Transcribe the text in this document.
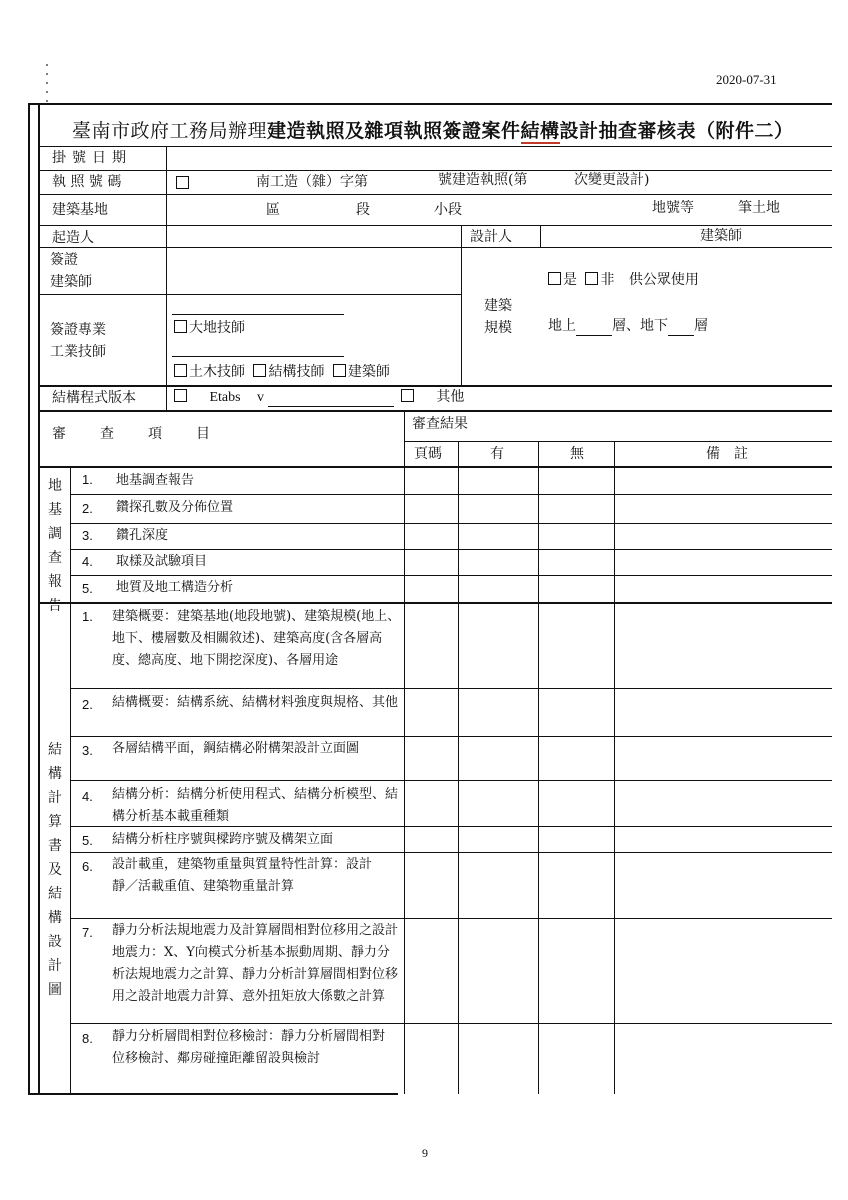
2020-07-31
臺南市政府工務局辦理建造執照及雜項執照簽證案件結構設計抽查審核表（附件二）
掛號日期
執 照 號 碼	南工造（雜）字第	號建造執照(第	次變更設計)
建築基地	區	段	小段	地號等	筆土地
起造人	設計人	建築師
簽證
建築師
簽證專業
工業技師
大地技師
土木技師 結構技師 建築師
建築
規模
是 非 供公眾使用
地上	層、地下 層
結構程式版本	Etabs v	其他
審　　查　　項　　目
審查結果
頁碼	有	無	備　註
地基調查報告
1. 地基調查報告
2. 鑽探孔數及分佈位置
3. 鑽孔深度
4. 取樣及試驗項目
5. 地質及地工構造分析
結構計算書及結構設計圖
1. 建築概要：建築基地(地段地號)、建築規模(地上、地下、樓層數及相關敘述)、建築高度(含各層高度、總高度、地下開挖深度)、各層用途
2. 結構概要：結構系統、結構材料強度與規格、其他
3. 各層結構平面，鋼結構必附構架設計立面圖
4. 結構分析：結構分析使用程式、結構分析模型、結構分析基本載重種類
5. 結構分析柱序號與樑跨序號及構架立面
6. 設計載重，建築物重量與質量特性計算：設計靜／活載重值、建築物重量計算
7. 靜力分析法規地震力及計算層間相對位移用之設計地震力：X、Y向模式分析基本振動周期、靜力分析法規地震力之計算、靜力分析計算層間相對位移用之設計地震力計算、意外扭矩放大係數之計算
8. 靜力分析層間相對位移檢討：靜力分析層間相對位移檢討、鄰房碰撞距離留設與檢討
9
